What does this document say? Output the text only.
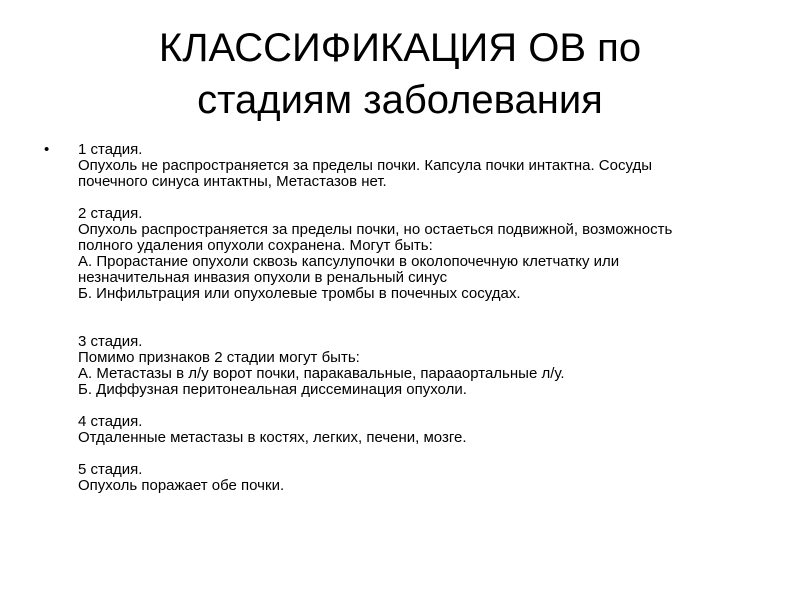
КЛАССИФИКАЦИЯ ОВ по
стадиям заболевания
• 1 стадия.
Опухоль не распространяется за пределы почки. Капсула почки интактна. Сосуды
почечного синуса интактны, Метастазов нет.
2 стадия.
Опухоль распространяется за пределы почки, но остаеться подвижной, возможность
полного удаления опухоли сохранена. Могут быть:
А. Прорастание опухоли сквозь капсулупочки в околопочечную клетчатку или
незначительная инвазия опухоли в ренальный синус
Б. Инфильтрация или опухолевые тромбы в почечных сосудах.
3 стадия.
Помимо признаков 2 стадии могут быть:
А. Метастазы в л/у ворот почки, паракавальные, парааортальные л/у.
Б. Диффузная перитонеальная диссеминация опухоли.
4 стадия.
Отдаленные метастазы в костях, легких, печени, мозге.
5 стадия.
Опухоль поражает обе почки.
